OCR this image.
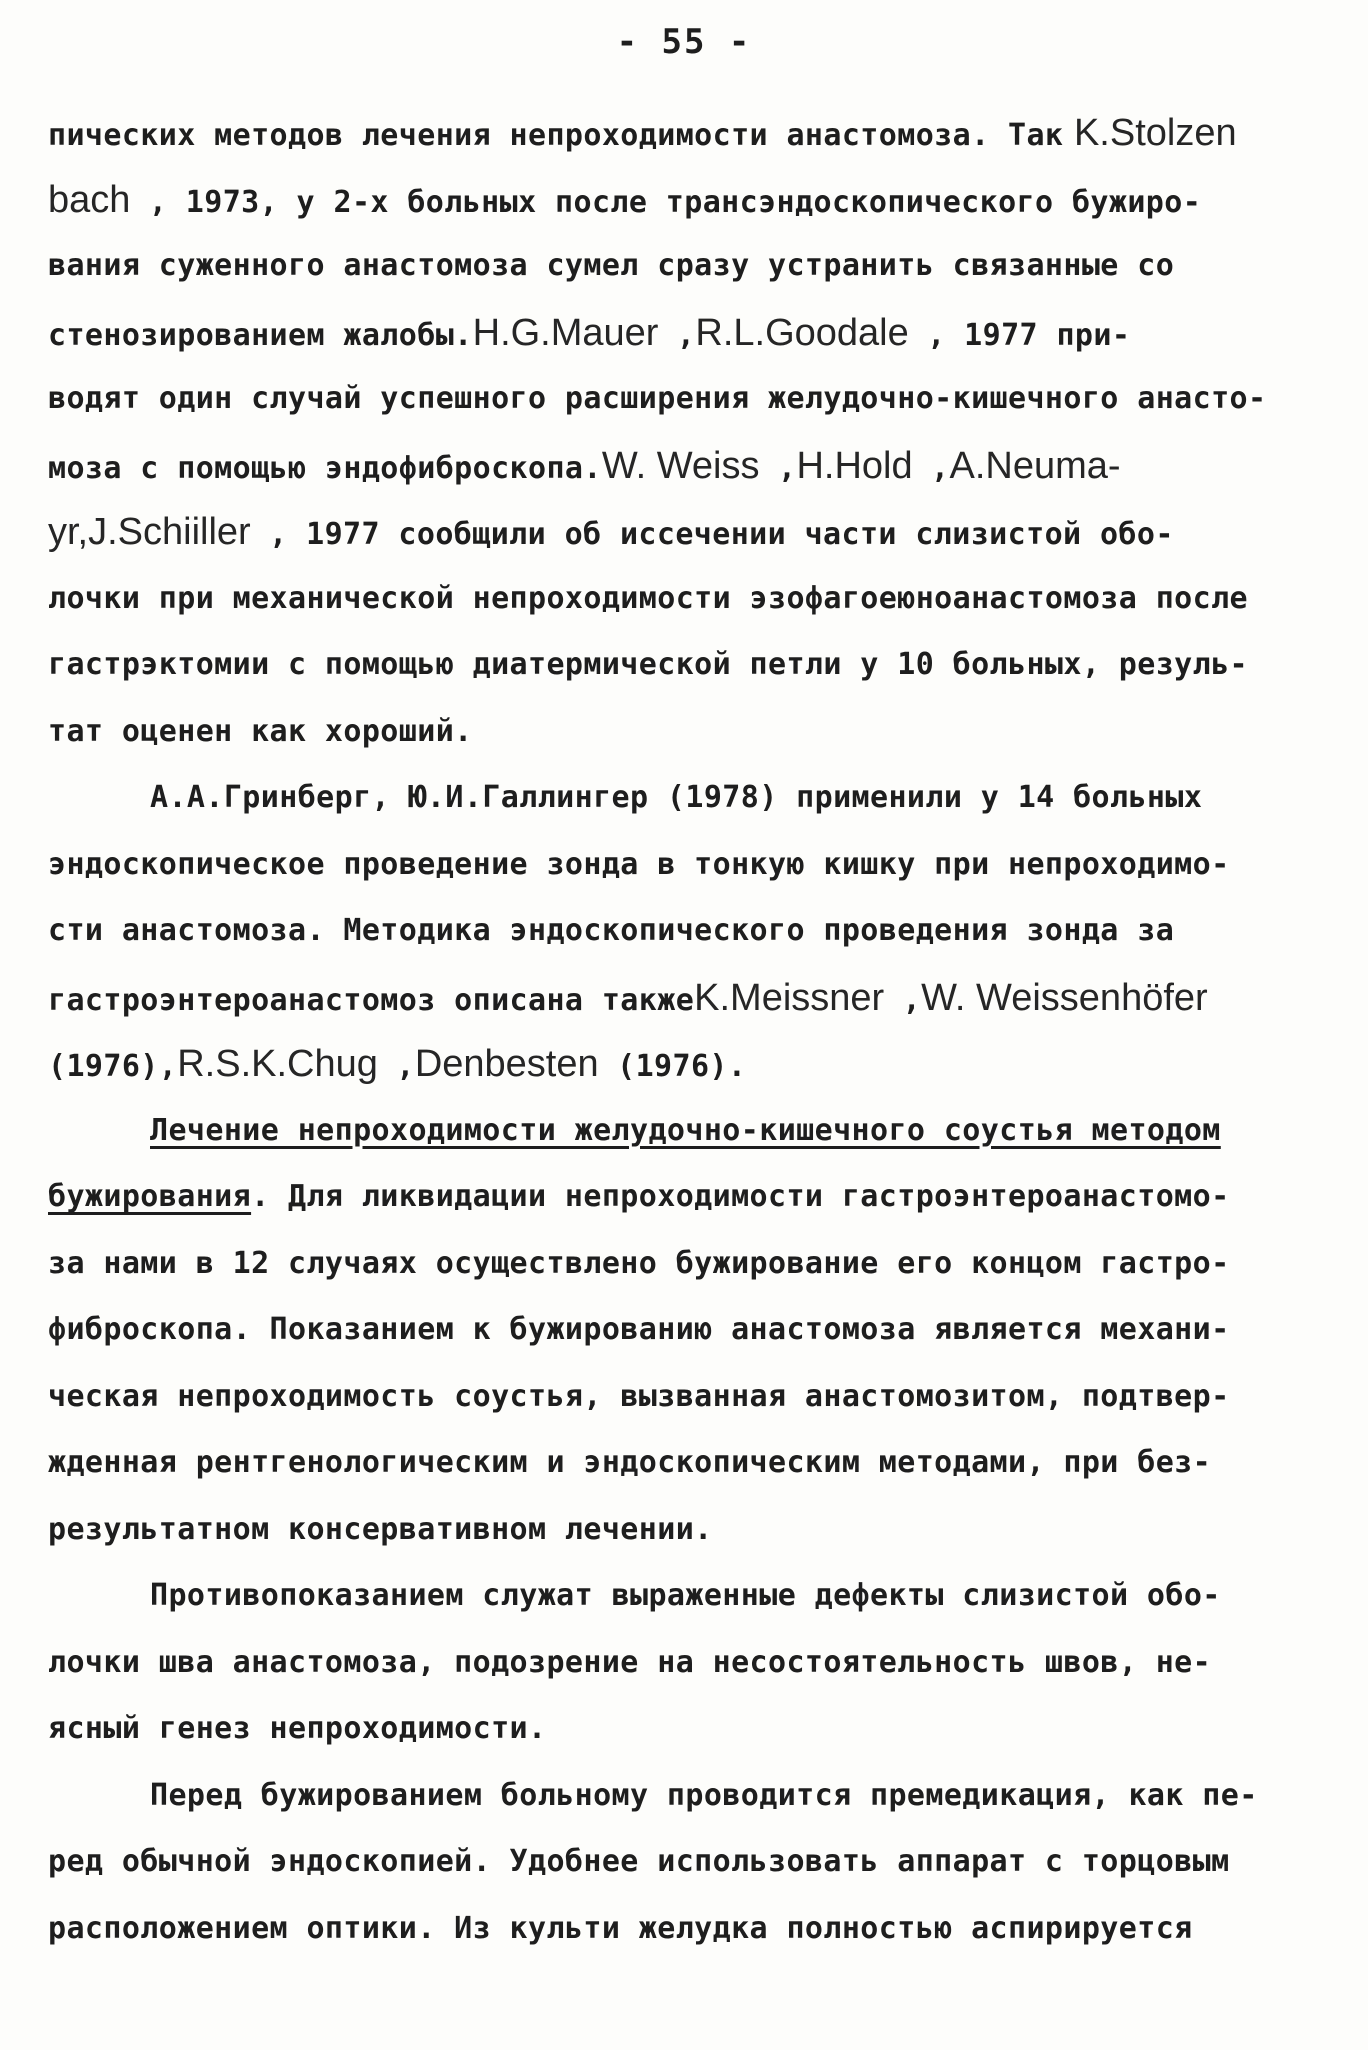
- 55 -
пических методов лечения непроходимости анастомоза. Так K.Stolzen
bach , 1973, у 2-х больных после трансэндоскопического бужиро-
вания суженного анастомоза сумел сразу устранить связанные со
стенозированием жалобы.H.G.Mauer ,R.L.Goodale , 1977 при-
водят один случай успешного расширения желудочно-кишечного анасто-
моза с помощью эндофиброскопа.W. Weiss ,H.Hold ,A.Neuma-
yr,J.Schiiller , 1977 сообщили об иссечении части слизистой обо-
лочки при механической непроходимости эзофагоеюноанастомоза после
гастрэктомии с помощью диатермической петли у 10 больных, резуль-
тат оценен как хороший.
А.А.Гринберг, Ю.И.Галлингер (1978) применили у 14 больных
эндоскопическое проведение зонда в тонкую кишку при непроходимо-
сти анастомоза. Методика эндоскопического проведения зонда за
гастроэнтероанастомоз описана такжеK.Meissner ,W. Weissenhöfer
(1976),R.S.K.Chug ,Denbesten (1976).
Лечение непроходимости желудочно-кишечного соустья методом
бужирования. Для ликвидации непроходимости гастроэнтероанастомо-
за нами в 12 случаях осуществлено бужирование его концом гастро-
фиброскопа. Показанием к бужированию анастомоза является механи-
ческая непроходимость соустья, вызванная анастомозитом, подтвер-
жденная рентгенологическим и эндоскопическим методами, при без-
результатном консервативном лечении.
Противопоказанием служат выраженные дефекты слизистой обо-
лочки шва анастомоза, подозрение на несостоятельность швов, не-
ясный генез непроходимости.
Перед бужированием больному проводится премедикация, как пе-
ред обычной эндоскопией. Удобнее использовать аппарат с торцовым
расположением оптики. Из культи желудка полностью аспирируется
